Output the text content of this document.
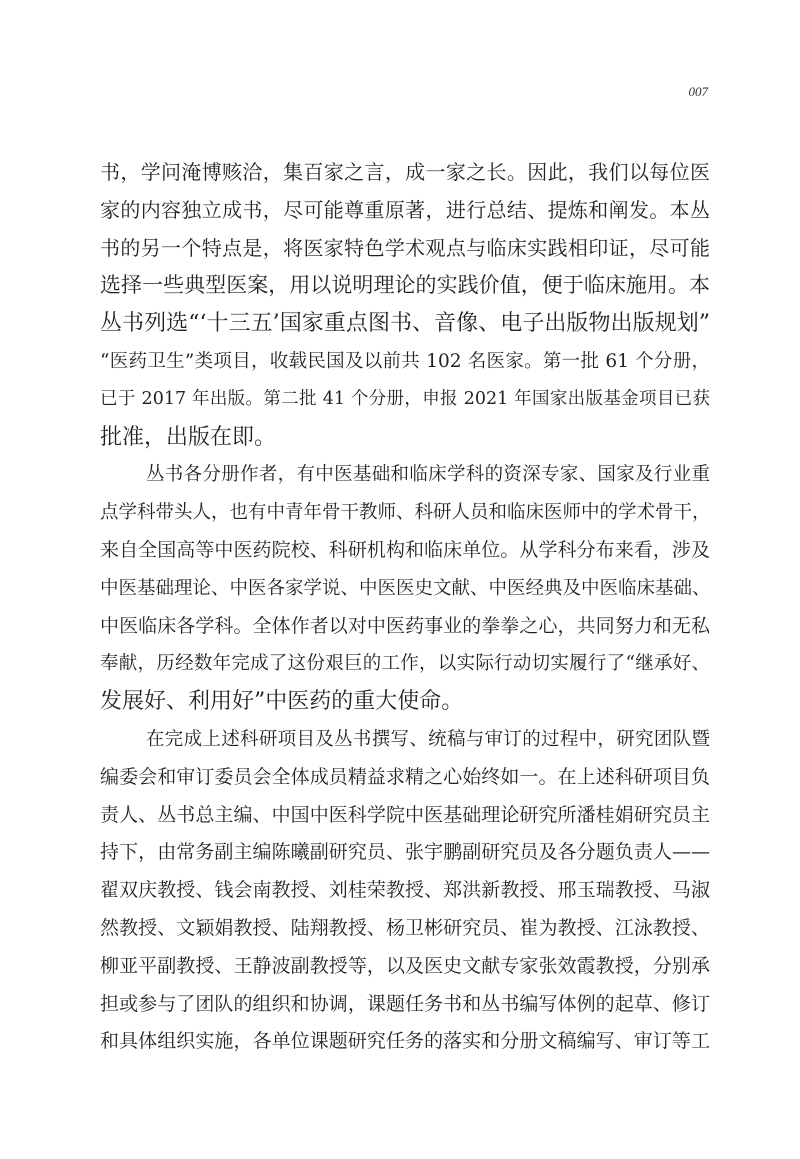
007
书，学问淹博赅洽，集百家之言，成一家之长。因此，我们以每位医
家的内容独立成书，尽可能尊重原著，进行总结、提炼和阐发。本丛
书的另一个特点是，将医家特色学术观点与临床实践相印证，尽可能
选择一些典型医案，用以说明理论的实践价值，便于临床施用。本
丛书列选“‘十三五’国家重点图书、音像、电子出版物出版规划”
“医药卫生”类项目，收载民国及以前共 102 名医家。第一批 61 个分册，
已于 2017 年出版。第二批 41 个分册，申报 2021 年国家出版基金项目已获
批准，出版在即。
丛书各分册作者，有中医基础和临床学科的资深专家、国家及行业重
点学科带头人，也有中青年骨干教师、科研人员和临床医师中的学术骨干，
来自全国高等中医药院校、科研机构和临床单位。从学科分布来看，涉及
中医基础理论、中医各家学说、中医医史文献、中医经典及中医临床基础、
中医临床各学科。全体作者以对中医药事业的拳拳之心，共同努力和无私
奉献，历经数年完成了这份艰巨的工作，以实际行动切实履行了“继承好、
发展好、利用好”中医药的重大使命。
在完成上述科研项目及丛书撰写、统稿与审订的过程中，研究团队暨
编委会和审订委员会全体成员精益求精之心始终如一。在上述科研项目负
责人、丛书总主编、中国中医科学院中医基础理论研究所潘桂娟研究员主
持下，由常务副主编陈曦副研究员、张宇鹏副研究员及各分题负责人——
翟双庆教授、钱会南教授、刘桂荣教授、郑洪新教授、邢玉瑞教授、马淑
然教授、文颖娟教授、陆翔教授、杨卫彬研究员、崔为教授、江泳教授、
柳亚平副教授、王静波副教授等，以及医史文献专家张效霞教授，分别承
担或参与了团队的组织和协调，课题任务书和丛书编写体例的起草、修订
和具体组织实施，各单位课题研究任务的落实和分册文稿编写、审订等工
